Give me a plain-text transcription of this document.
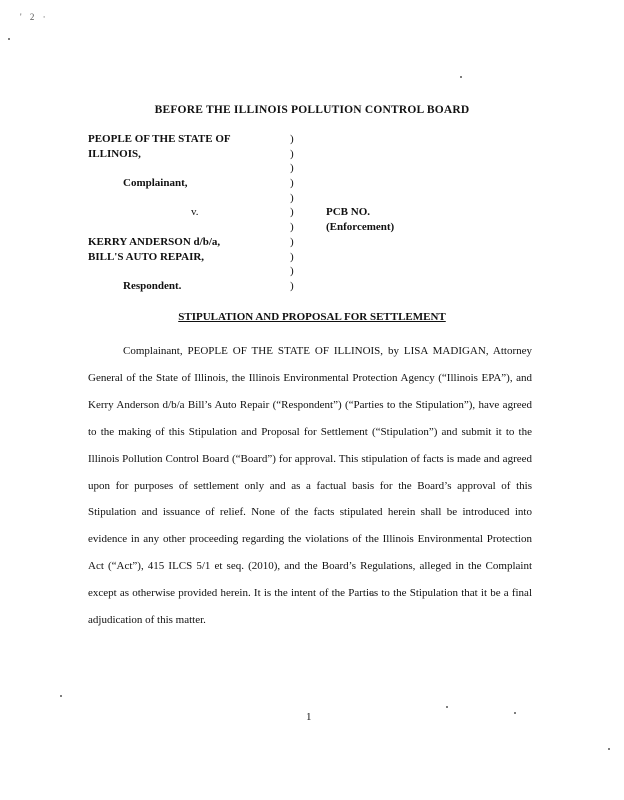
' 2 ·
BEFORE THE ILLINOIS POLLUTION CONTROL BOARD
PEOPLE OF THE STATE OF
ILLINOIS,
Complainant,
v.
KERRY ANDERSON d/b/a,
BILL'S AUTO REPAIR,
Respondent.
)
)
)
)
)
)
)
)
)
)
)
PCB NO.
(Enforcement)
STIPULATION AND PROPOSAL FOR SETTLEMENT
Complainant, PEOPLE OF THE STATE OF ILLINOIS, by LISA MADIGAN, Attorney General of the State of Illinois, the Illinois Environmental Protection Agency (“Illinois EPA”), and Kerry Anderson d/b/a Bill’s Auto Repair (“Respondent”) (“Parties to the Stipulation”), have agreed to the making of this Stipulation and Proposal for Settlement (“Stipulation”) and submit it to the Illinois Pollution Control Board (“Board”) for approval. This stipulation of facts is made and agreed upon for purposes of settlement only and as a factual basis for the Board’s approval of this Stipulation and issuance of relief. None of the facts stipulated herein shall be introduced into evidence in any other proceeding regarding the violations of the Illinois Environmental Protection Act (“Act”), 415 ILCS 5/1 et seq. (2010), and the Board’s Regulations, alleged in the Complaint except as otherwise provided herein. It is the intent of the Parties to the Stipulation that it be a final adjudication of this matter.
1
